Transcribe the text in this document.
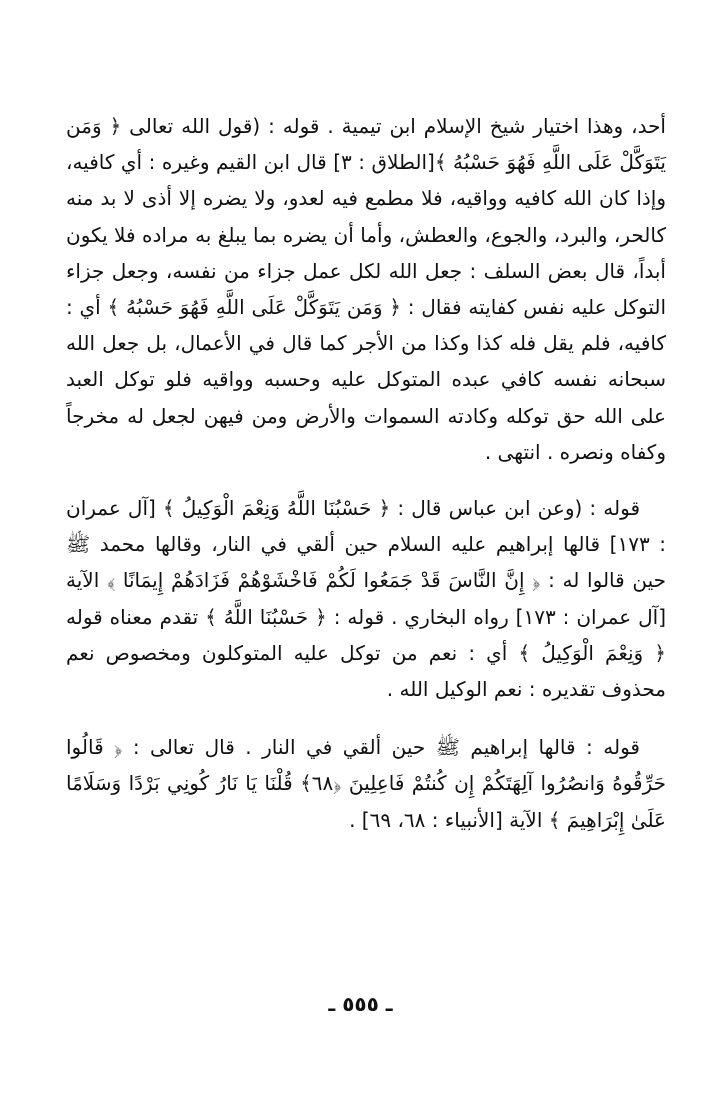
أحد، وهذا اختيار شيخ الإسلام ابن تيمية . قوله : (قول الله تعالى ﴿ وَمَن يَتَوَكَّلْ عَلَى اللَّهِ فَهُوَ حَسْبُهُ ﴾[الطلاق : ٣] قال ابن القيم وغيره : أي كافيه، وإذا كان الله كافيه وواقيه، فلا مطمع فيه لعدو، ولا يضره إلا أذى لا بد منه كالحر، والبرد، والجوع، والعطش، وأما أن يضره بما يبلغ به مراده فلا يكون أبداً، قال بعض السلف : جعل الله لكل عمل جزاء من نفسه، وجعل جزاء التوكل عليه نفس كفايته فقال : ﴿ وَمَن يَتَوَكَّلْ عَلَى اللَّهِ فَهُوَ حَسْبُهُ ﴾ أي : كافيه، فلم يقل فله كذا وكذا من الأجر كما قال في الأعمال، بل جعل الله سبحانه نفسه كافي عبده المتوكل عليه وحسبه وواقيه فلو توكل العبد على الله حق توكله وكادته السموات والأرض ومن فيهن لجعل له مخرجاً وكفاه ونصره . انتهى .

قوله : (وعن ابن عباس قال : ﴿ حَسْبُنَا اللَّهُ وَنِعْمَ الْوَكِيلُ ﴾ [آل عمران : ١٧٣] قالها إبراهيم عليه السلام حين ألقي في النار، وقالها محمد ﷺ حين قالوا له : ﴿ إِنَّ النَّاسَ قَدْ جَمَعُوا لَكُمْ فَاخْشَوْهُمْ فَزَادَهُمْ إِيمَانًا ﴾ الآية [آل عمران : ١٧٣] رواه البخاري . قوله : ﴿ حَسْبُنَا اللَّهُ ﴾ تقدم معناه قوله ﴿ وَنِعْمَ الْوَكِيلُ ﴾ أي : نعم من توكل عليه المتوكلون ومخصوص نعم محذوف تقديره : نعم الوكيل الله .

قوله : قالها إبراهيم ﷺ حين ألقي في النار . قال تعالى : ﴿ قَالُوا حَرِّقُوهُ وَانصُرُوا آلِهَتَكُمْ إِن كُنتُمْ فَاعِلِينَ ﴿٦٨﴾ قُلْنَا يَا نَارُ كُونِي بَرْدًا وَسَلَامًا عَلَىٰ إِبْرَاهِيمَ ﴾ الآية [الأنبياء : ٦٨، ٦٩] .

ـ ٥٥٥ ـ
